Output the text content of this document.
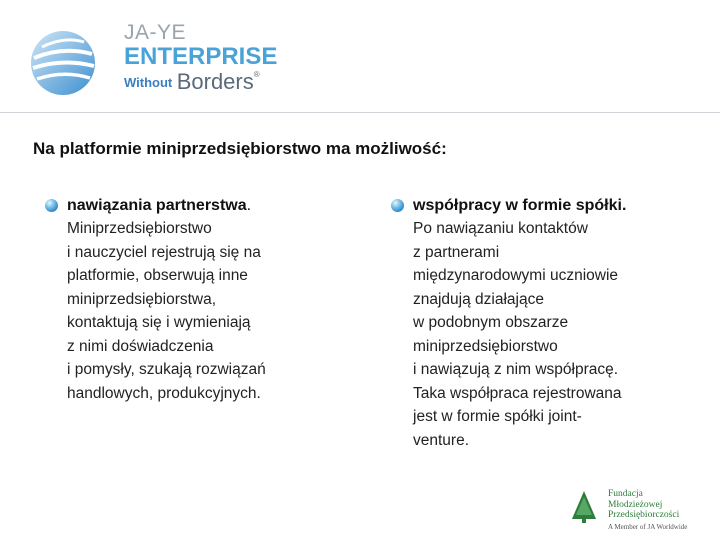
JA-YE
ENTERPRISE
Without Borders®
Na platformie miniprzedsiębiorstwo ma możliwość:
nawiązania partnerstwa.
Miniprzedsiębiorstwo
i nauczyciel rejestrują się na
platformie, obserwują inne
miniprzedsiębiorstwa,
kontaktują się i wymieniają
z nimi doświadczenia
i pomysły, szukają rozwiązań
handlowych, produkcyjnych.
współpracy w formie spółki.
Po nawiązaniu kontaktów
z partnerami
międzynarodowymi uczniowie
znajdują działające
w podobnym obszarze
miniprzedsiębiorstwo
i nawiązują z nim współpracę.
Taka współpraca rejestrowana
jest w formie spółki joint-
venture.
Fundacja
Młodzieżowej
Przedsiębiorczości
A Member of JA Worldwide
